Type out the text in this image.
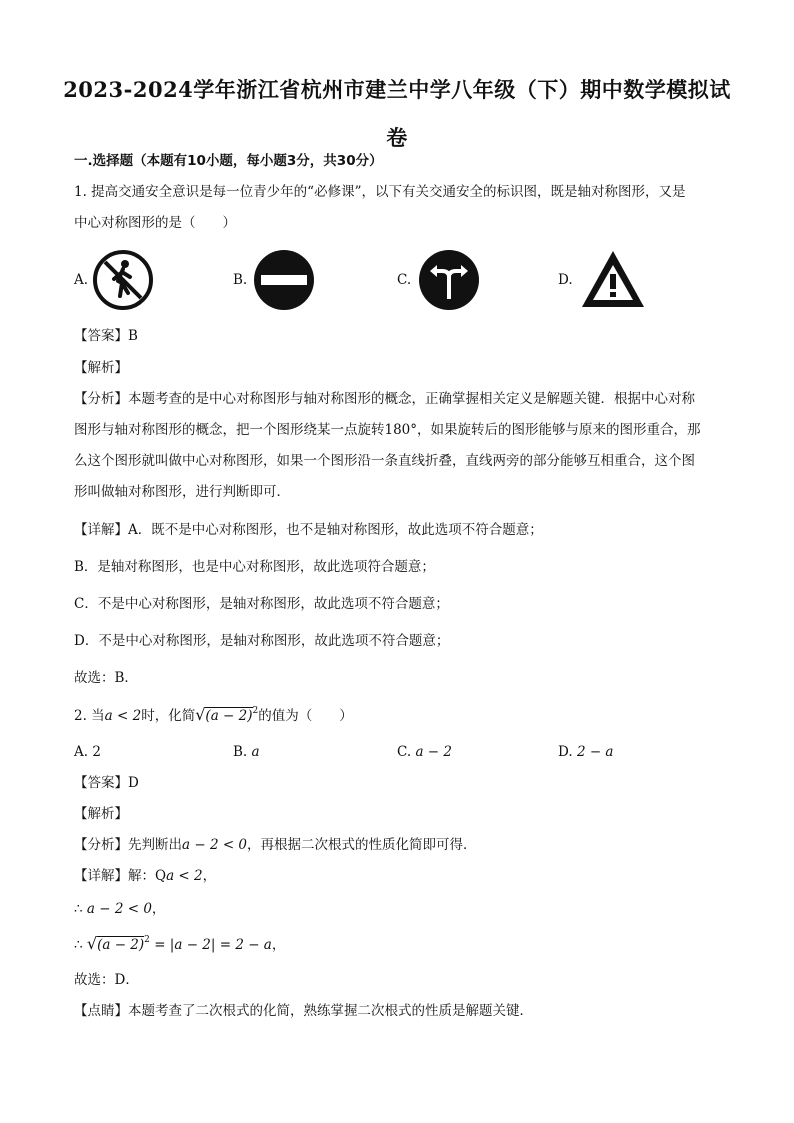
2023-2024学年浙江省杭州市建兰中学八年级（下）期中数学模拟试
卷
一.选择题（本题有10小题，每小题3分，共30分）
1. 提高交通安全意识是每一位青少年的“必修课”，以下有关交通安全的标识图，既是轴对称图形，又是
中心对称图形的是（　　）
A.	B.	C.	D.
【答案】B
【解析】
【分析】本题考查的是中心对称图形与轴对称图形的概念，正确掌握相关定义是解题关键．根据中心对称
图形与轴对称图形的概念，把一个图形绕某一点旋转180°，如果旋转后的图形能够与原来的图形重合，那
么这个图形就叫做中心对称图形，如果一个图形沿一条直线折叠，直线两旁的部分能够互相重合，这个图
形叫做轴对称图形，进行判断即可．
【详解】A．既不是中心对称图形，也不是轴对称图形，故此选项不符合题意；
B．是轴对称图形，也是中心对称图形，故此选项符合题意；
C．不是中心对称图形，是轴对称图形，故此选项不符合题意；
D．不是中心对称图形，是轴对称图形，故此选项不符合题意；
故选：B．
2. 当a < 2时，化简$√(a - 2)^2$的值为（　　）
A. 2	B. a	C. a − 2	D. 2 − a
【答案】D
【解析】
【分析】先判断出a − 2 < 0，再根据二次根式的性质化简即可得．
【详解】解：Qa < 2，
∴ a − 2 < 0，
∴ $√(a - 2)^2 = |a - 2| = 2 - a$，
故选：D．
【点睛】本题考查了二次根式的化简，熟练掌握二次根式的性质是解题关键．
